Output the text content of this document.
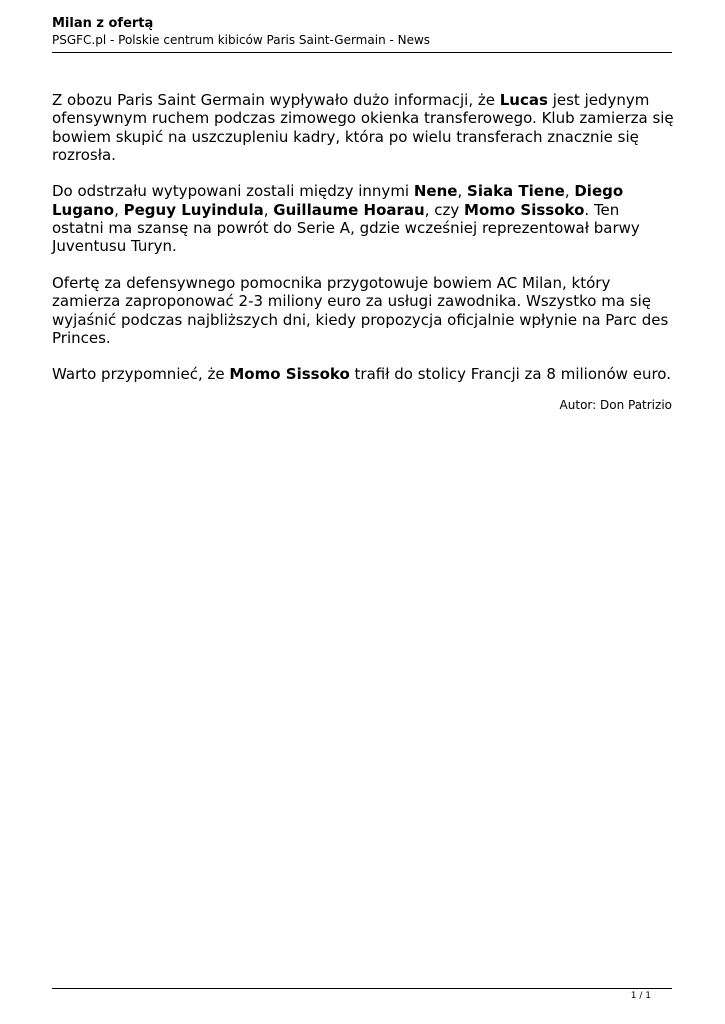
Milan z ofertą

PSGFC.pl - Polskie centrum kibiców Paris Saint-Germain - News

Z obozu Paris Saint Germain wypływało dużo informacji, że Lucas jest jedynym ofensywnym ruchem podczas zimowego okienka transferowego. Klub zamierza się bowiem skupić na uszczupleniu kadry, która po wielu transferach znacznie się rozrosła.

Do odstrzału wytypowani zostali między innymi Nene, Siaka Tiene, Diego Lugano, Peguy Luyindula, Guillaume Hoarau, czy Momo Sissoko. Ten ostatni ma szansę na powrót do Serie A, gdzie wcześniej reprezentował barwy Juventusu Turyn.

Ofertę za defensywnego pomocnika przygotowuje bowiem AC Milan, który zamierza zaproponować 2-3 miliony euro za usługi zawodnika. Wszystko ma się wyjaśnić podczas najbliższych dni, kiedy propozycja oficjalnie wpłynie na Parc des Princes.

Warto przypomnieć, że Momo Sissoko trafił do stolicy Francji za 8 milionów euro.

Autor: Don Patrizio
1 / 1
